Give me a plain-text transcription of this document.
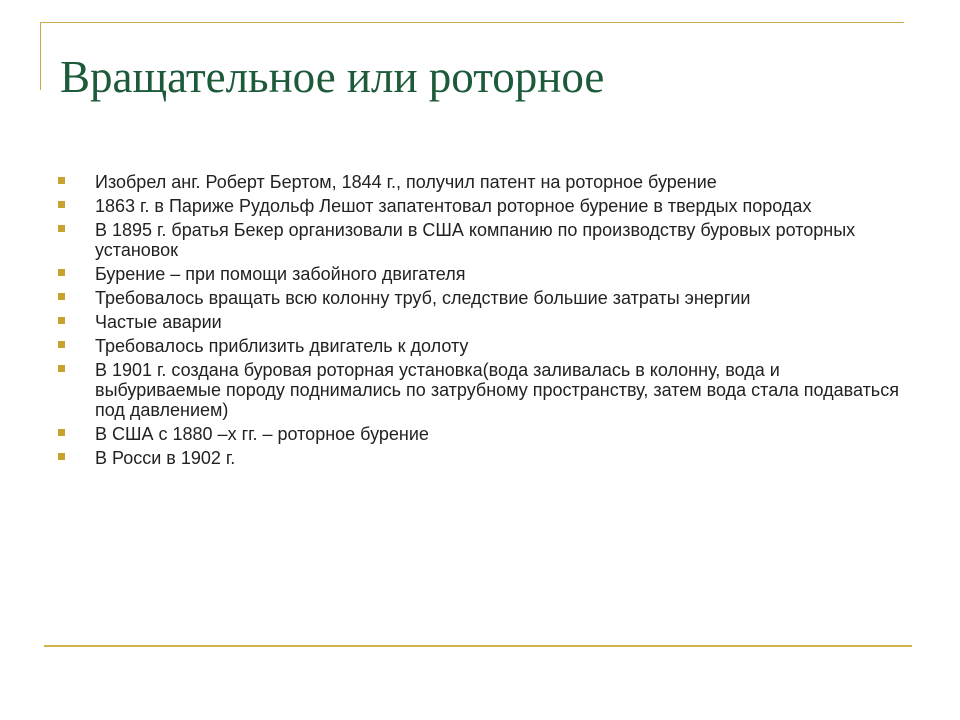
Вращательное или роторное
Изобрел анг. Роберт Бертом, 1844 г., получил патент на роторное бурение
1863 г. в Париже Рудольф Лешот запатентовал роторное бурение в твердых породах
В 1895 г. братья Бекер организовали в США компанию по производству буровых роторных установок
Бурение – при помощи забойного двигателя
Требовалось вращать всю колонну труб, следствие большие затраты энергии
Частые аварии
Требовалось приблизить двигатель к долоту
В 1901 г. создана буровая роторная установка(вода заливалась в колонну, вода и выбуриваемые породу поднимались по затрубному пространству, затем вода стала подаваться под давлением)
В США с 1880 –х гг. – роторное бурение
В Росси в 1902 г.
